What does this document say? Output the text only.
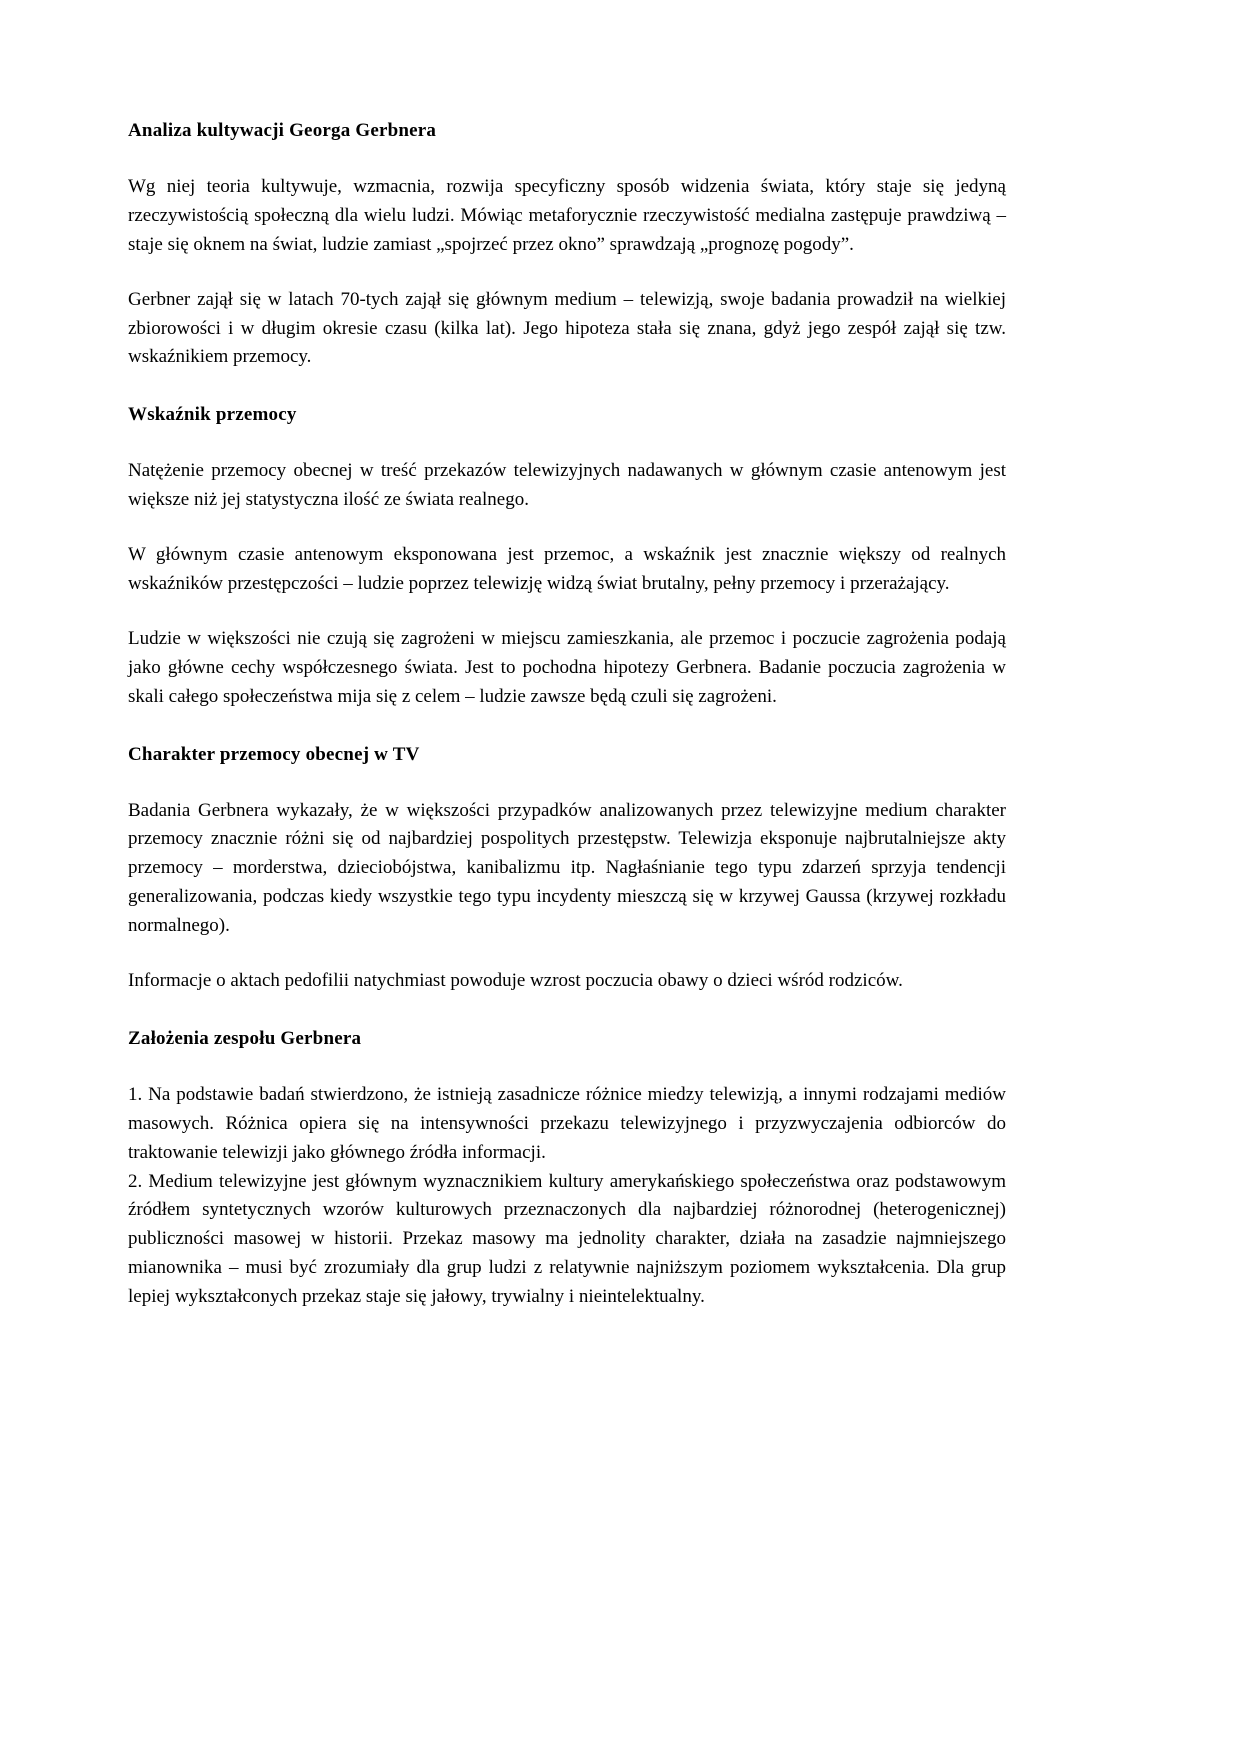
Analiza kultywacji Georga Gerbnera

Wg niej teoria kultywuje, wzmacnia, rozwija specyficzny sposób widzenia świata, który staje się jedyną rzeczywistością społeczną dla wielu ludzi. Mówiąc metaforycznie rzeczywistość medialna zastępuje prawdziwą – staje się oknem na świat, ludzie zamiast „spojrzeć przez okno” sprawdzają „prognozę pogody”.

Gerbner zajął się w latach 70-tych zajął się głównym medium – telewizją, swoje badania prowadził na wielkiej zbiorowości i w długim okresie czasu (kilka lat). Jego hipoteza stała się znana, gdyż jego zespół zajął się tzw. wskaźnikiem przemocy.

Wskaźnik przemocy

Natężenie przemocy obecnej w treść przekazów telewizyjnych nadawanych w głównym czasie antenowym jest większe niż jej statystyczna ilość ze świata realnego.

W głównym czasie antenowym eksponowana jest przemoc, a wskaźnik jest znacznie większy od realnych wskaźników przestępczości – ludzie poprzez telewizję widzą świat brutalny, pełny przemocy i przerażający.

Ludzie w większości nie czują się zagrożeni w miejscu zamieszkania, ale przemoc i poczucie zagrożenia podają jako główne cechy współczesnego świata. Jest to pochodna hipotezy Gerbnera. Badanie poczucia zagrożenia w skali całego społeczeństwa mija się z celem – ludzie zawsze będą czuli się zagrożeni.

Charakter przemocy obecnej w TV

Badania Gerbnera wykazały, że w większości przypadków analizowanych przez telewizyjne medium charakter przemocy znacznie różni się od najbardziej pospolitych przestępstw. Telewizja eksponuje najbrutalniejsze akty przemocy – morderstwa, dzieciobójstwa, kanibalizmu itp. Nagłaśnianie tego typu zdarzeń sprzyja tendencji generalizowania, podczas kiedy wszystkie tego typu incydenty mieszczą się w krzywej Gaussa (krzywej rozkładu normalnego).

Informacje o aktach pedofilii natychmiast powoduje wzrost poczucia obawy o dzieci wśród rodziców.

Założenia zespołu Gerbnera

1. Na podstawie badań stwierdzono, że istnieją zasadnicze różnice miedzy telewizją, a innymi rodzajami mediów masowych. Różnica opiera się na intensywności przekazu telewizyjnego i przyzwyczajenia odbiorców do traktowanie telewizji jako głównego źródła informacji.

2. Medium telewizyjne jest głównym wyznacznikiem kultury amerykańskiego społeczeństwa oraz podstawowym źródłem syntetycznych wzorów kulturowych przeznaczonych dla najbardziej różnorodnej (heterogenicznej) publiczności masowej w historii. Przekaz masowy ma jednolity charakter, działa na zasadzie najmniejszego mianownika – musi być zrozumiały dla grup ludzi z relatywnie najniższym poziomem wykształcenia. Dla grup lepiej wykształconych przekaz staje się jałowy, trywialny i nieintelektualny.
